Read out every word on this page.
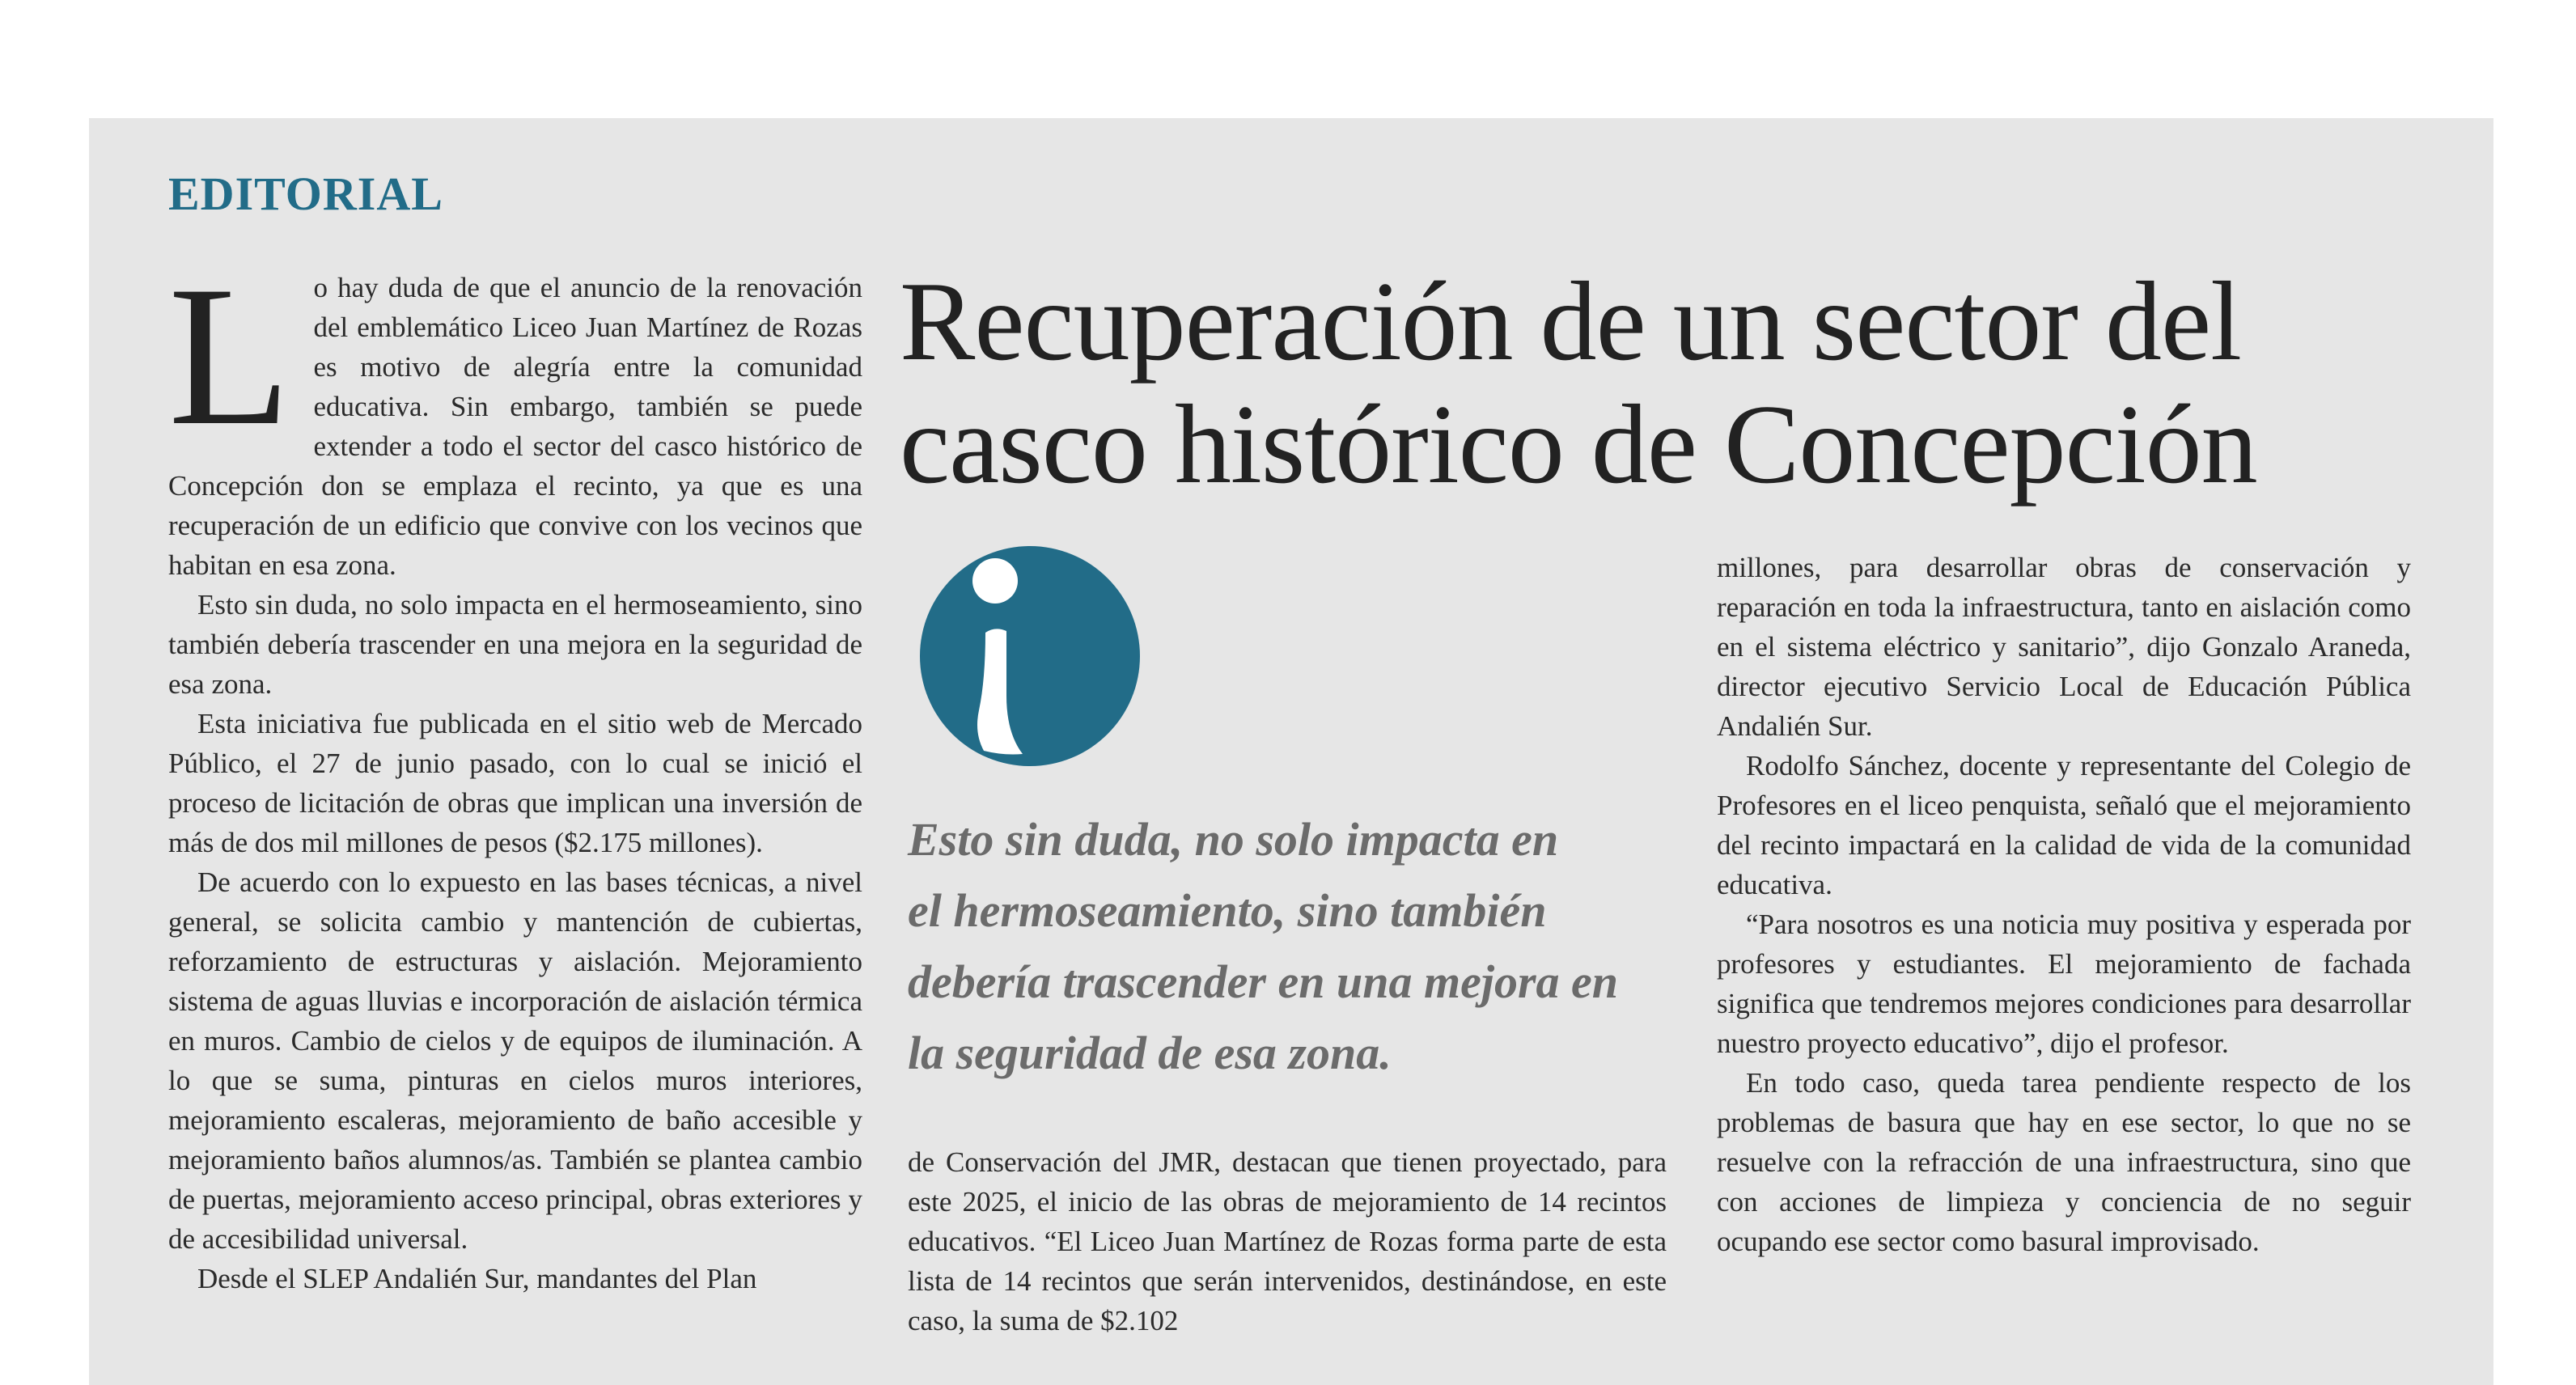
EDITORIAL
Recuperación de un sector del
casco histórico de Concepción

Lo hay duda de que el anuncio de la renovación del emblemático Liceo Juan Martínez de Rozas es motivo de alegría entre la comunidad educativa. Sin embargo, también se puede extender a todo el sector del casco histórico de Concepción don se emplaza el recinto, ya que es una recuperación de un edificio que convive con los vecinos que habitan en esa zona.

Esto sin duda, no solo impacta en el hermoseamiento, sino también debería trascender en una mejora en la seguridad de esa zona.

Esta iniciativa fue publicada en el sitio web de Mercado Público, el 27 de junio pasado, con lo cual se inició el proceso de licitación de obras que implican una inversión de más de dos mil millones de pesos ($2.175 millones).

De acuerdo con lo expuesto en las bases técnicas, a nivel general, se solicita cambio y mantención de cubiertas, reforzamiento de estructuras y aislación. Mejoramiento sistema de aguas lluvias e incorporación de aislación térmica en muros. Cambio de cielos y de equipos de iluminación. A lo que se suma, pinturas en cielos muros interiores, mejoramiento escaleras, mejoramiento de baño accesible y mejoramiento baños alumnos/as. También se plantea cambio de puertas, mejoramiento acceso principal, obras exteriores y de accesibilidad universal.

Desde el SLEP Andalién Sur, mandantes del Plan

Esto sin duda, no solo impacta en
el hermoseamiento, sino también
debería trascender en una mejora en
la seguridad de esa zona.

de Conservación del JMR, destacan que tienen proyectado, para este 2025, el inicio de las obras de mejoramiento de 14 recintos educativos. “El Liceo Juan Martínez de Rozas forma parte de esta lista de 14 recintos que serán intervenidos, destinándose, en este caso, la suma de $2.102

millones, para desarrollar obras de conservación y reparación en toda la infraestructura, tanto en aislación como en el sistema eléctrico y sanitario”, dijo Gonzalo Araneda, director ejecutivo Servicio Local de Educación Pública Andalién Sur.

Rodolfo Sánchez, docente y representante del Colegio de Profesores en el liceo penquista, señaló que el mejoramiento del recinto impactará en la calidad de vida de la comunidad educativa.

“Para nosotros es una noticia muy positiva y esperada por profesores y estudiantes. El mejoramiento de fachada significa que tendremos mejores condiciones para desarrollar nuestro proyecto educativo”, dijo el profesor.

En todo caso, queda tarea pendiente respecto de los problemas de basura que hay en ese sector, lo que no se resuelve con la refracción de una infraestructura, sino que con acciones de limpieza y conciencia de no seguir ocupando ese sector como basural improvisado.
